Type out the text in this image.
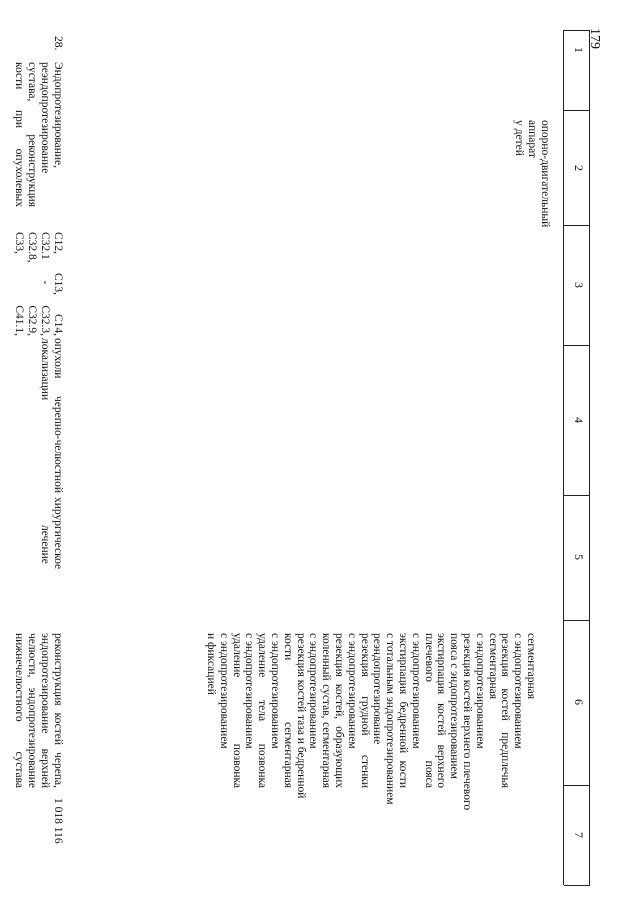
179
1
2
3
4
5
6
7
опорно-двигательный
аппарат
у детей
сегментарная
с эндопротезированием
резекция костей предплечья
сегментарная
с эндопротезированием
резекция костей верхнего плечевого
пояса с эндопротезированием
экстирпация костей верхнего
плечевого пояса
с эндопротезированием
экстирпация бедренной кости
с тотальным эндопротезированием
реэндопротезирование
резекция грудной стенки
с эндопротезированием
резекция костей, образующих
коленный сустав, сегментарная
с эндопротезированием
резекция костей таза и бедренной
кости сегментарная
с эндопротезированием
удаление тела позвонка
с эндопротезированием
удаление позвонка
с эндопротезированием
и фиксацией
28.
Эндопротезирование,
реэндопротезирование
сустава, реконструкция
кости при опухолевых
C12, C13, C14,
C32.1 - C32.3,
C32.8, C32.9,
C33, C41.1,
опухоли черепно-челюстной
локализации
хирургическое
лечение
реконструкция костей черепа,
эндопротезирование верхней
челюсти, эндопротезирование
нижнечелюстного сустава
1 018 116
